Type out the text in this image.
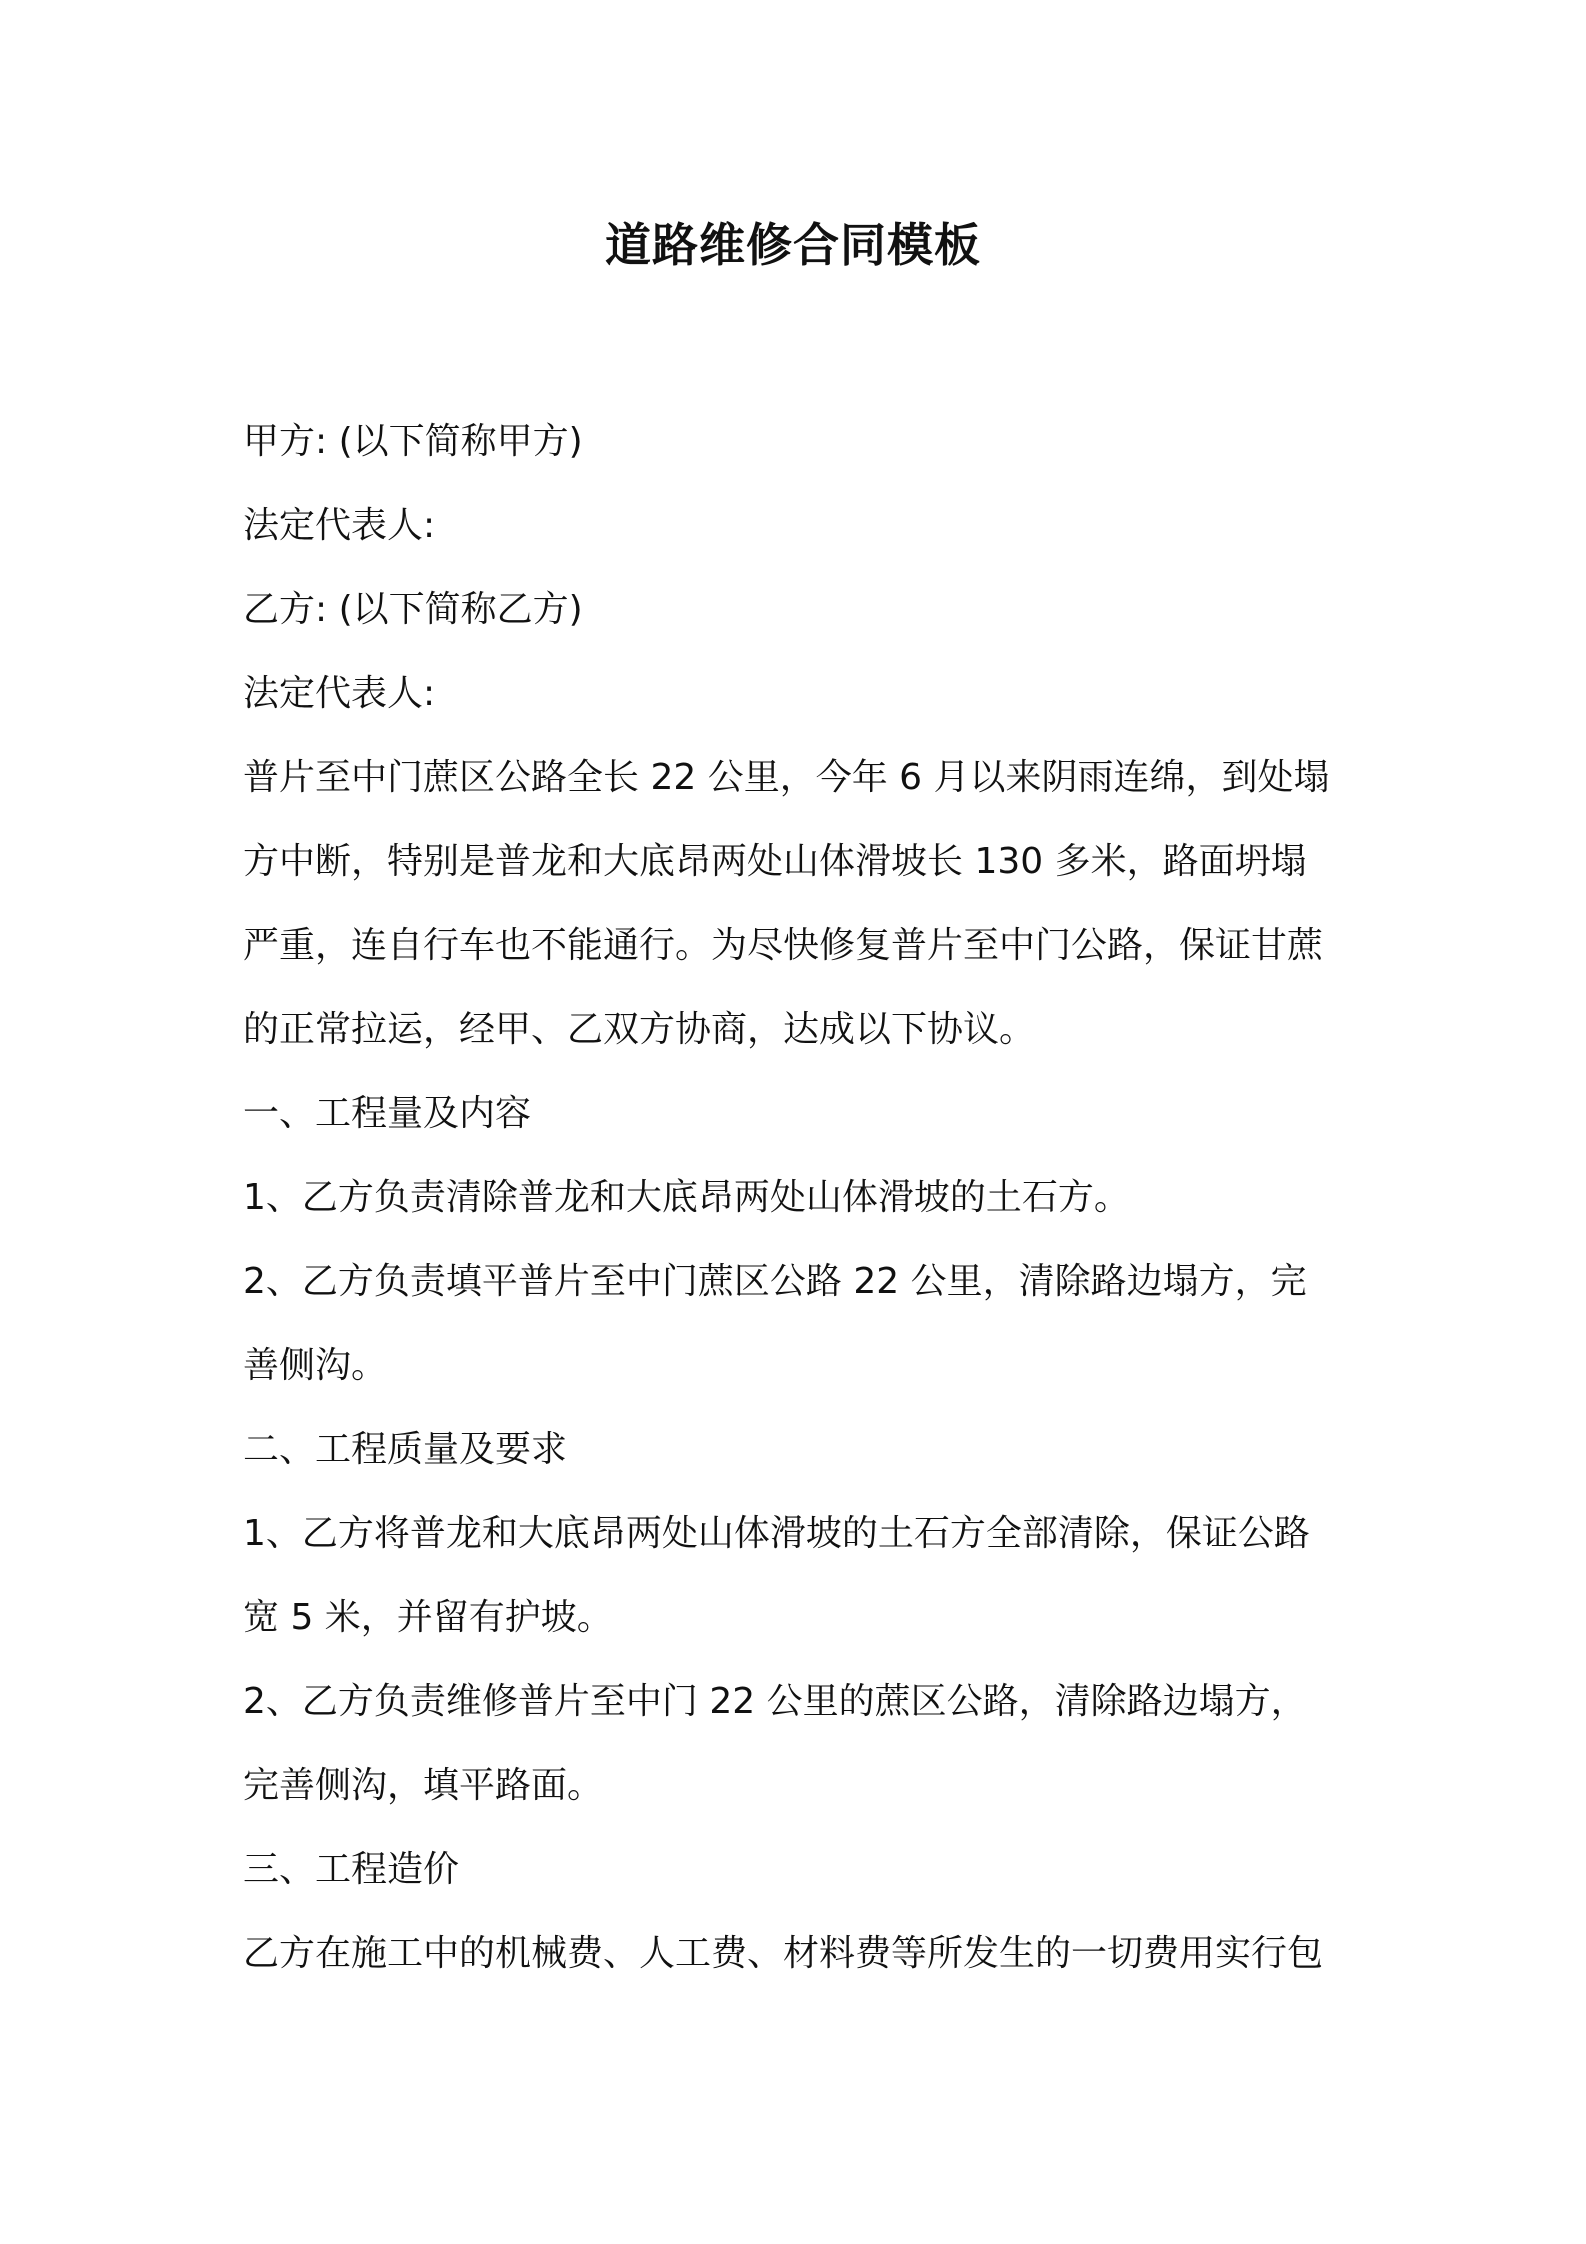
道路维修合同模板
甲方: (以下简称甲方)
法定代表人:
乙方: (以下简称乙方)
法定代表人:
普片至中门蔗区公路全长 22 公里，今年 6 月以来阴雨连绵，到处塌
方中断，特别是普龙和大底昂两处山体滑坡长 130 多米，路面坍塌
严重，连自行车也不能通行。为尽快修复普片至中门公路，保证甘蔗
的正常拉运，经甲、乙双方协商，达成以下协议。
一、工程量及内容
1、乙方负责清除普龙和大底昂两处山体滑坡的土石方。
2、乙方负责填平普片至中门蔗区公路 22 公里，清除路边塌方，完
善侧沟。
二、工程质量及要求
1、乙方将普龙和大底昂两处山体滑坡的土石方全部清除，保证公路
宽 5 米，并留有护坡。
2、乙方负责维修普片至中门 22 公里的蔗区公路，清除路边塌方，
完善侧沟，填平路面。
三、工程造价
乙方在施工中的机械费、人工费、材料费等所发生的一切费用实行包
